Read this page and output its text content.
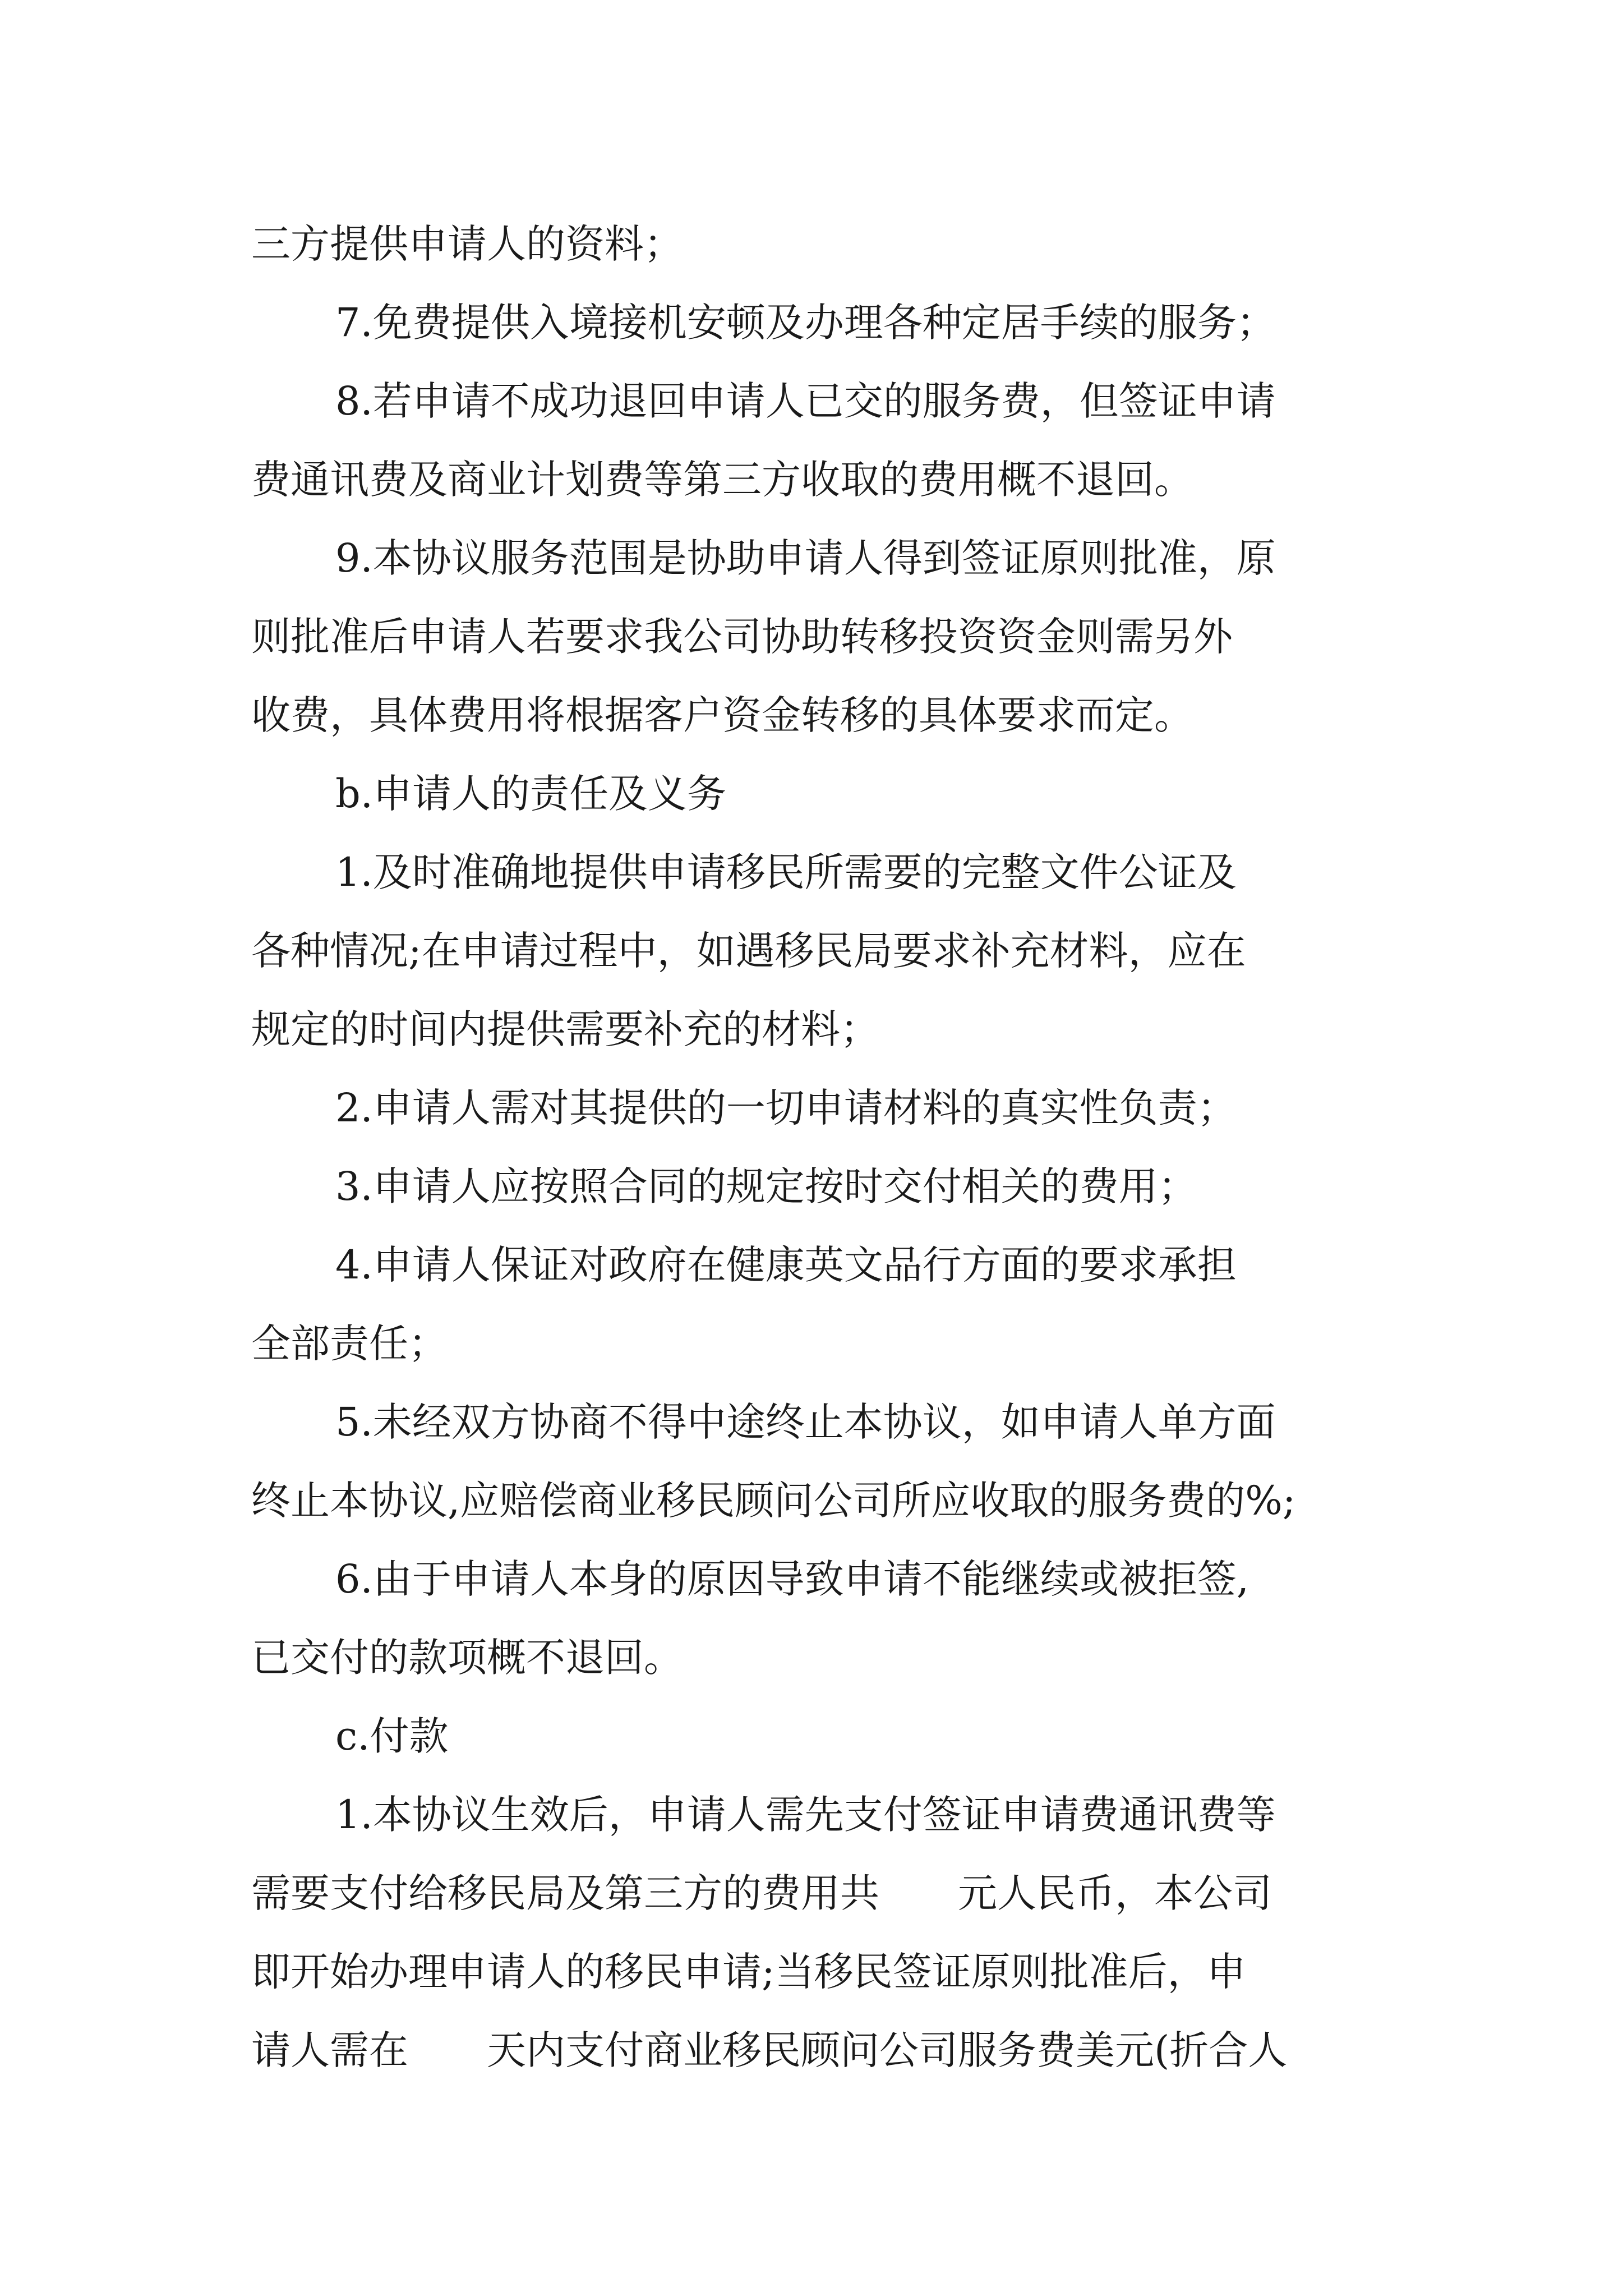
三方提供申请人的资料；
7.免费提供入境接机安顿及办理各种定居手续的服务；
8.若申请不成功退回申请人已交的服务费，但签证申请
费通讯费及商业计划费等第三方收取的费用概不退回。
9.本协议服务范围是协助申请人得到签证原则批准，原
则批准后申请人若要求我公司协助转移投资资金则需另外
收费，具体费用将根据客户资金转移的具体要求而定。
b.申请人的责任及义务
1.及时准确地提供申请移民所需要的完整文件公证及
各种情况;在申请过程中，如遇移民局要求补充材料，应在
规定的时间内提供需要补充的材料；
2.申请人需对其提供的一切申请材料的真实性负责；
3.申请人应按照合同的规定按时交付相关的费用；
4.申请人保证对政府在健康英文品行方面的要求承担
全部责任；
5.未经双方协商不得中途终止本协议，如申请人单方面
终止本协议,应赔偿商业移民顾问公司所应收取的服务费的%;
6.由于申请人本身的原因导致申请不能继续或被拒签,
已交付的款项概不退回。
c.付款
1.本协议生效后，申请人需先支付签证申请费通讯费等
需要支付给移民局及第三方的费用共　　元人民币，本公司
即开始办理申请人的移民申请;当移民签证原则批准后，申
请人需在　　天内支付商业移民顾问公司服务费美元(折合人
